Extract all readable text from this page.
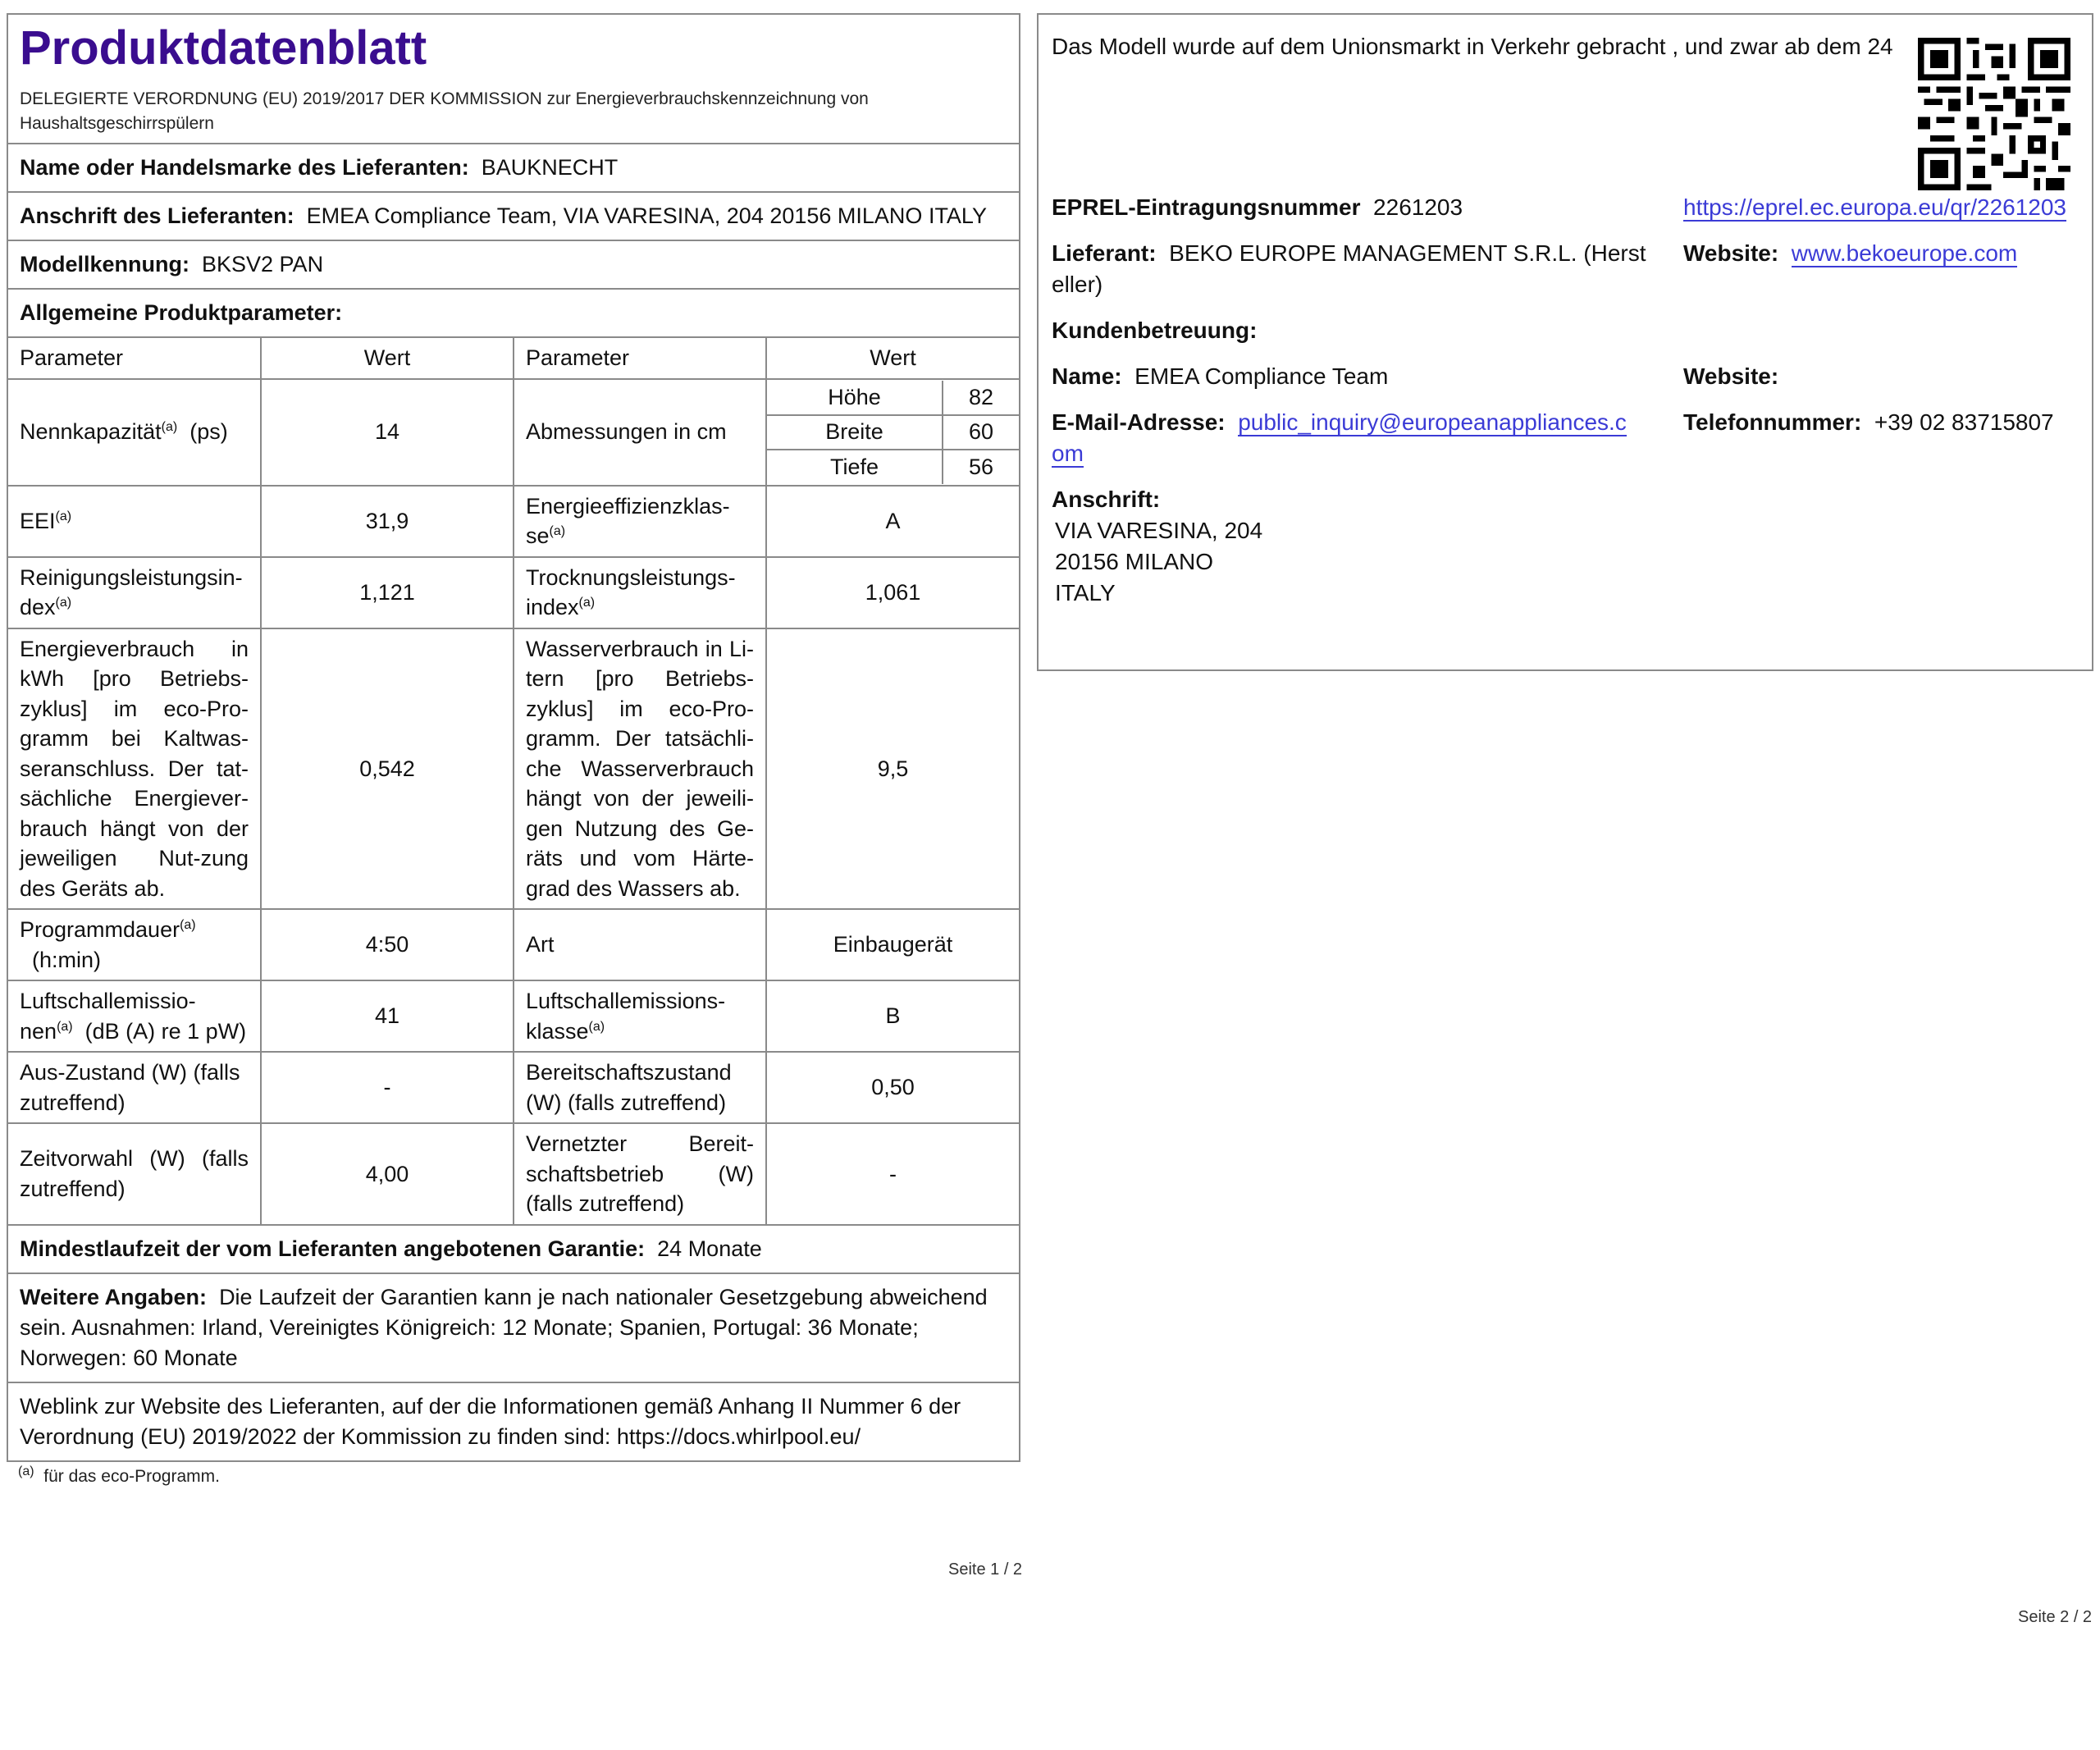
Produktdatenblatt
DELEGIERTE VERORDNUNG (EU) 2019/2017 DER KOMMISSION zur Energieverbrauchskennzeichnung von Haushaltsgeschirrspülern
Name oder Handelsmarke des Lieferanten: BAUKNECHT
Anschrift des Lieferanten: EMEA Compliance Team, VIA VARESINA, 204 20156 MILANO ITALY
Modellkennung: BKSV2 PAN
Allgemeine Produktparameter:
Parameter	Wert	Parameter	Wert
Nennkapazität$^{(a)}$ (ps)	14	Abmessungen in cm	
Höhe	82
Breite	60
Tiefe	56

EEI$^{(a)}$	31,9	Energieeffizienzklas-$se^{(a)}$	A
Reinigungsleistungsin-dex$^{(a)}$	1,121	Trocknungsleistungs-index$^{(a)}$	1,061
Energieverbrauch in kWh [pro Betriebs-zyklus] im eco-Pro-gramm bei Kaltwas-seranschluss. Der tat-sächliche Energiever-brauch hängt von der jeweiligen Nut-zung des Geräts ab.	0,542	Wasserverbrauch in Li-tern [pro Betriebs-zyklus] im eco-Pro-gramm. Der tatsächli-che Wasserverbrauch hängt von der jeweili-gen Nutzung des Ge-räts und vom Härte-grad des Wassers ab.	9,5
Programmdauer$^{(a)}$
(h:min)	4:50	Art	Einbaugerät
Luftschallemissio-nen$^{(a)}$ (dB (A) re 1 pW)	41	Luftschallemissions-klasse$^{(a)}$	B
Aus-Zustand (W) (falls zutreffend)	-	Bereitschaftszustand (W) (falls zutreffend)	0,50
Zeitvorwahl (W) (falls zutreffend)	4,00	Vernetzter Bereit-schaftsbetrieb (W) (falls zutreffend)	-
Mindestlaufzeit der vom Lieferanten angebotenen Garantie: 24 Monate
Weitere Angaben: Die Laufzeit der Garantien kann je nach nationaler Gesetzgebung abweichend sein. Ausnahmen: Irland, Vereinigtes Königreich: 12 Monate; Spanien, Portugal: 36 Monate; Norwegen: 60 Monate
Weblink zur Website des Lieferanten, auf der die Informationen gemäß Anhang II Nummer 6 der Verordnung (EU) 2019/2022 der Kommission zu finden sind: https://docs.whirlpool.eu/
$^{(a)}$ für das eco-Programm.
Seite 1 / 2
Das Modell wurde auf dem Unionsmarkt in Verkehr gebracht , und zwar ab dem 24
EPREL-Eintragungsnummer 2261203	https://eprel.ec.europa.eu/qr/2261203
Lieferant: BEKO EUROPE MANAGEMENT S.R.L. (Hersteller)
Website: www.bekoeurope.com
Kundenbetreuung:
Name: EMEA Compliance Team	Website:
E-Mail-Adresse: public_inquiry@europeanappliances.com
Telefonnummer: +39 02 83715807
Anschrift:
VIA VARESINA, 204
20156 MILANO
ITALY
Seite 2 / 2
